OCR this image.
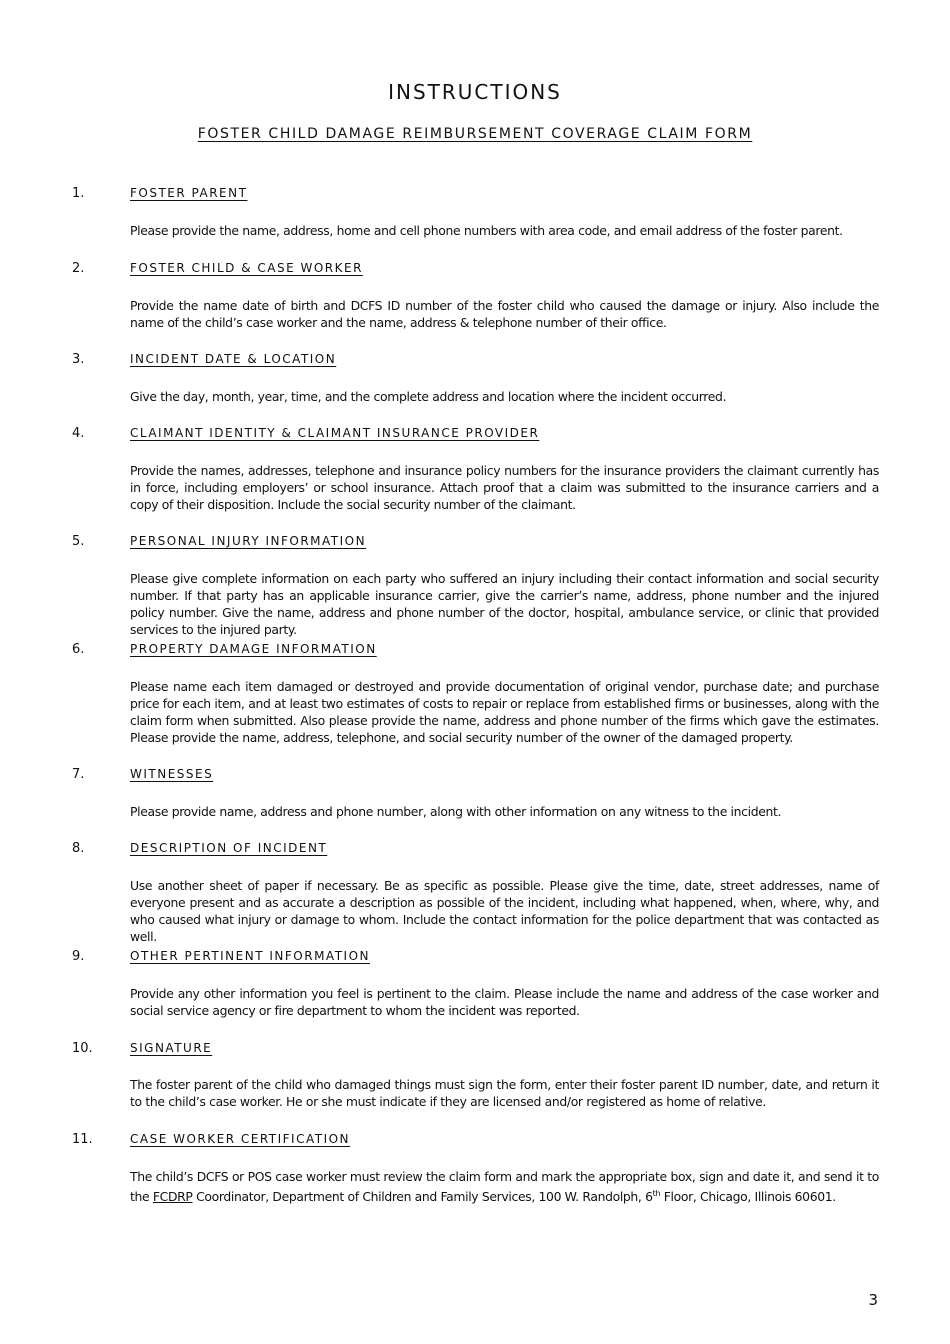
INSTRUCTIONS
FOSTER CHILD DAMAGE REIMBURSEMENT COVERAGE CLAIM FORM
1.	FOSTER PARENT

Please provide the name, address, home and cell phone numbers with area code, and email address of the foster parent.

2.	FOSTER CHILD & CASE WORKER

Provide the name date of birth and DCFS ID number of the foster child who caused the damage or injury. Also include the name of the child’s case worker and the name, address & telephone number of their office.

3.	INCIDENT DATE & LOCATION

Give the day, month, year, time, and the complete address and location where the incident occurred.

4.	CLAIMANT IDENTITY & CLAIMANT INSURANCE PROVIDER

Provide the names, addresses, telephone and insurance policy numbers for the insurance providers the claimant currently has in force, including employers’ or school insurance. Attach proof that a claim was submitted to the insurance carriers and a copy of their disposition. Include the social security number of the claimant.

5.	PERSONAL INJURY INFORMATION

Please give complete information on each party who suffered an injury including their contact information and social security number. If that party has an applicable insurance carrier, give the carrier’s name, address, phone number and the injured policy number. Give the name, address and phone number of the doctor, hospital, ambulance service, or clinic that provided services to the injured party.

6.	PROPERTY DAMAGE INFORMATION

Please name each item damaged or destroyed and provide documentation of original vendor, purchase date; and purchase price for each item, and at least two estimates of costs to repair or replace from established firms or businesses, along with the claim form when submitted. Also please provide the name, address and phone number of the firms which gave the estimates. Please provide the name, address, telephone, and social security number of the owner of the damaged property.

7.	WITNESSES

Please provide name, address and phone number, along with other information on any witness to the incident.

8.	DESCRIPTION OF INCIDENT

Use another sheet of paper if necessary. Be as specific as possible. Please give the time, date, street addresses, name of everyone present and as accurate a description as possible of the incident, including what happened, when, where, why, and who caused what injury or damage to whom. Include the contact information for the police department that was contacted as well.

9.	OTHER PERTINENT INFORMATION

Provide any other information you feel is pertinent to the claim. Please include the name and address of the case worker and social service agency or fire department to whom the incident was reported.

10.	SIGNATURE

The foster parent of the child who damaged things must sign the form, enter their foster parent ID number, date, and return it to the child’s case worker. He or she must indicate if they are licensed and/or registered as home of relative.

11.	CASE WORKER CERTIFICATION

The child’s DCFS or POS case worker must review the claim form and mark the appropriate box, sign and date it, and send it to the FCDRP Coordinator, Department of Children and Family Services, 100 W. Randolph, 6th Floor, Chicago, Illinois 60601.

3
